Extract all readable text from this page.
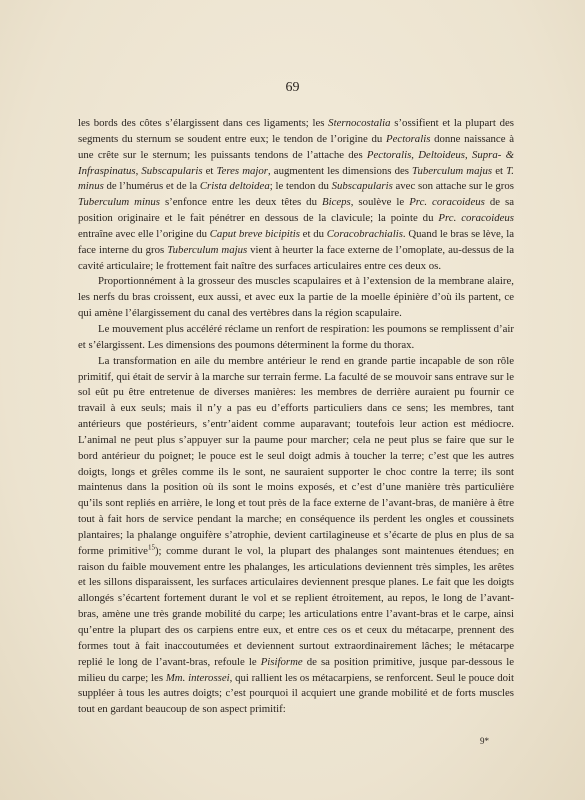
69

les bords des côtes s’élargissent dans ces ligaments; les Sternocostalia s’ossifient et la plupart des segments du sternum se soudent entre eux; le tendon de l’origine du Pectoralis donne naissance à une crête sur le sternum; les puissants tendons de l’attache des Pectoralis, Deltoideus, Supra- & Infraspinatus, Subscapularis et Teres major, augmentent les dimensions des Tuberculum majus et T. minus de l’humérus et de la Crista deltoidea; le tendon du Subscapularis avec son attache sur le gros Tuberculum minus s’enfonce entre les deux têtes du Biceps, soulève le Prc. coracoideus de sa position originaire et le fait pénétrer en dessous de la clavicule; la pointe du Prc. coracoideus entraîne avec elle l’origine du Caput breve bicipitis et du Coracobrachialis. Quand le bras se lève, la face interne du gros Tuberculum majus vient à heurter la face externe de l’omoplate, au-dessus de la cavité articulaire; le frottement fait naître des surfaces articulaires entre ces deux os.

Proportionnément à la grosseur des muscles scapulaires et à l’extension de la membrane alaire, les nerfs du bras croissent, eux aussi, et avec eux la partie de la moelle épinière d’où ils partent, ce qui amène l’élargissement du canal des vertèbres dans la région scapulaire.

Le mouvement plus accéléré réclame un renfort de respiration: les poumons se remplissent d’air et s’élargissent. Les dimensions des poumons déterminent la forme du thorax.

La transformation en aile du membre antérieur le rend en grande partie incapable de son rôle primitif, qui était de servir à la marche sur terrain ferme. La faculté de se mouvoir sans entrave sur le sol eût pu être entretenue de diverses manières: les membres de derrière auraient pu fournir ce travail à eux seuls; mais il n’y a pas eu d’efforts particuliers dans ce sens; les membres, tant antérieurs que postérieurs, s’entr’aident comme auparavant; toutefois leur action est médiocre. L’animal ne peut plus s’appuyer sur la paume pour marcher; cela ne peut plus se faire que sur le bord antérieur du poignet; le pouce est le seul doigt admis à toucher la terre; c’est que les autres doigts, longs et grêles comme ils le sont, ne sauraient supporter le choc contre la terre; ils sont maintenus dans la position où ils sont le moins exposés, et c’est d’une manière très particulière qu’ils sont repliés en arrière, le long et tout près de la face externe de l’avant-bras, de manière à être tout à fait hors de service pendant la marche; en conséquence ils perdent les ongles et coussinets plantaires; la phalange onguifère s’atrophie, devient cartilagineuse et s’écarte de plus en plus de sa forme primitive$^{15}$); comme durant le vol, la plupart des phalanges sont maintenues étendues; en raison du faible mouvement entre les phalanges, les articulations deviennent très simples, les arêtes et les sillons disparaissent, les surfaces articulaires deviennent presque planes. Le fait que les doigts allongés s’écartent fortement durant le vol et se replient étroitement, au repos, le long de l’avant-bras, amène une très grande mobilité du carpe; les articulations entre l’avant-bras et le carpe, ainsi qu’entre la plupart des os carpiens entre eux, et entre ces os et ceux du métacarpe, prennent des formes tout à fait inaccoutumées et deviennent surtout extraordinairement lâches; le métacarpe replié le long de l’avant-bras, refoule le Pisiforme de sa position primitive, jusque par-dessous le milieu du carpe; les Mm. interossei, qui rallient les os métacarpiens, se renforcent. Seul le pouce doit suppléer à tous les autres doigts; c’est pourquoi il acquiert une grande mobilité et de forts muscles tout en gardant beaucoup de son aspect primitif:

9*
